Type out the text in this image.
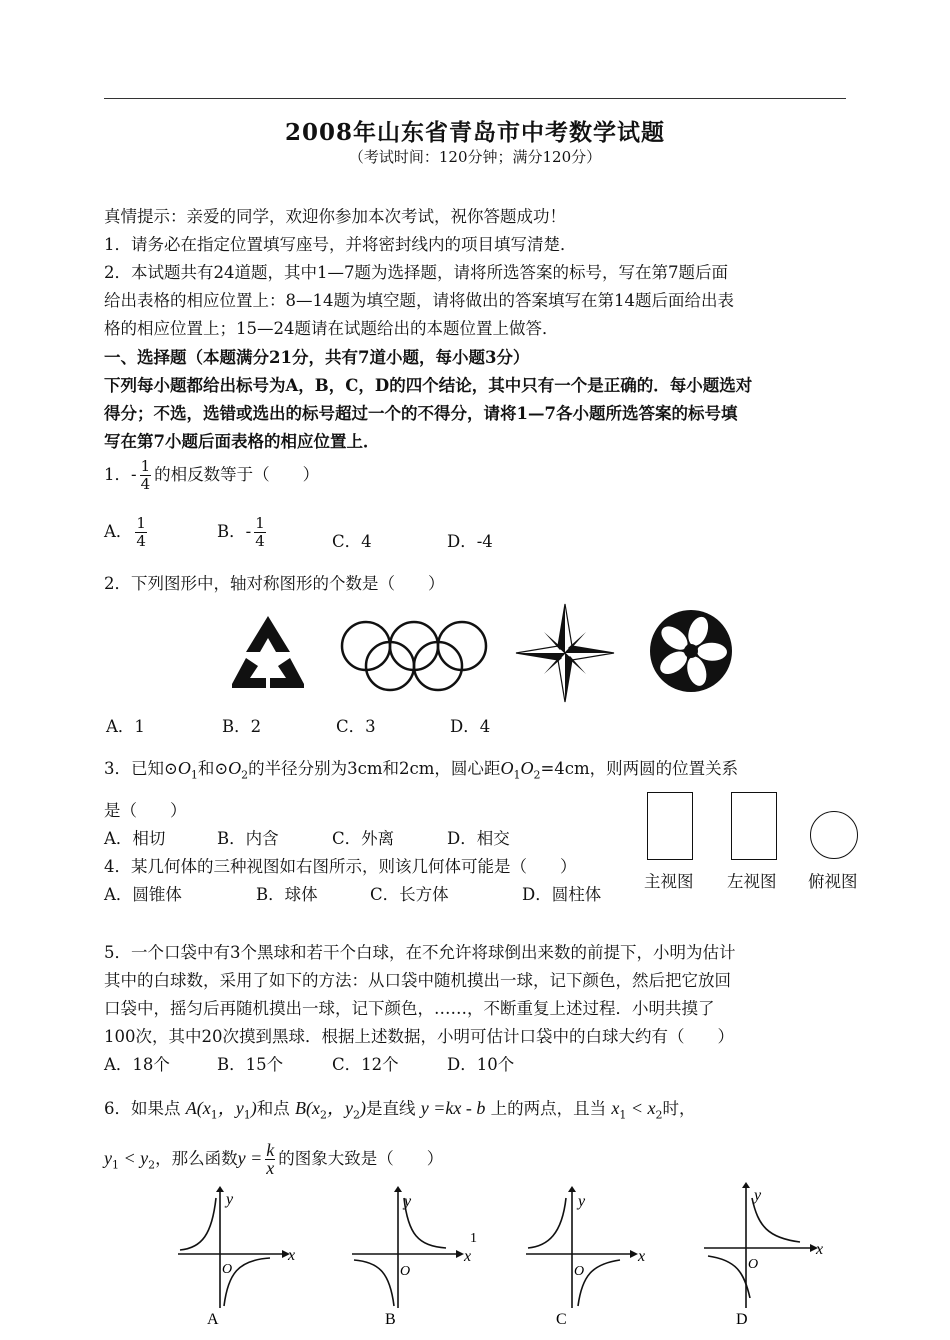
2008年山东省青岛市中考数学试题
（考试时间：120分钟；满分120分）
真情提示：亲爱的同学，欢迎你参加本次考试，祝你答题成功！
1．请务必在指定位置填写座号，并将密封线内的项目填写清楚．
2．本试题共有24道题，其中1—7题为选择题，请将所选答案的标号，写在第7题后面
给出表格的相应位置上：8—14题为填空题，请将做出的答案填写在第14题后面给出表
格的相应位置上；15—24题请在试题给出的本题位置上做答．
一、选择题（本题满分21分，共有7道小题，每小题3分）
下列每小题都给出标号为A，B，C，D的四个结论，其中只有一个是正确的．每小题选对
得分；不选，选错或选出的标号超过一个的不得分，请将1—7各小题所选答案的标号填
写在第7小题后面表格的相应位置上．
1．- $\frac{1}{4}$ 的相反数等于（　　）
A． $\frac{1}{4}$	B．- $\frac{1}{4}$	C．4	D．-4
2．下列图形中，轴对称图形的个数是（　　）
A．1	B．2	C．3	D．4
3．已知$⊙O_1$和$⊙O_2$的半径分别为3cm和2cm，圆心距$O_1O_2=4cm$，则两圆的位置关系
是（　　）
A．相切	B．内含	C．外离	D．相交
4．某几何体的三种视图如右图所示，则该几何体可能是（　　）
A．圆锥体	B．球体	C．长方体	D．圆柱体
主视图 左视图 俯视图
5．一个口袋中有3个黑球和若干个白球，在不允许将球倒出来数的前提下，小明为估计
其中的白球数，采用了如下的方法：从口袋中随机摸出一球，记下颜色，然后把它放回
口袋中，摇匀后再随机摸出一球，记下颜色，……，不断重复上述过程．小明共摸了
100次，其中20次摸到黑球．根据上述数据，小明可估计口袋中的白球大约有（　　）
A．18个	B．15个	C．12个	D．10个
6．如果点 $A(x_1$，$y_1$)和点 $B(x_2$，$y_2$)是直线 y =kx - b 上的两点，且当 $x_1 < x_2$时，
$y_1 < y_2$，那么函数$y = \frac{k}{x}$ 的图象大致是（　　）
x
y
O
A
x
1
y
O
B
x
y
O
C
x
y
O
D
